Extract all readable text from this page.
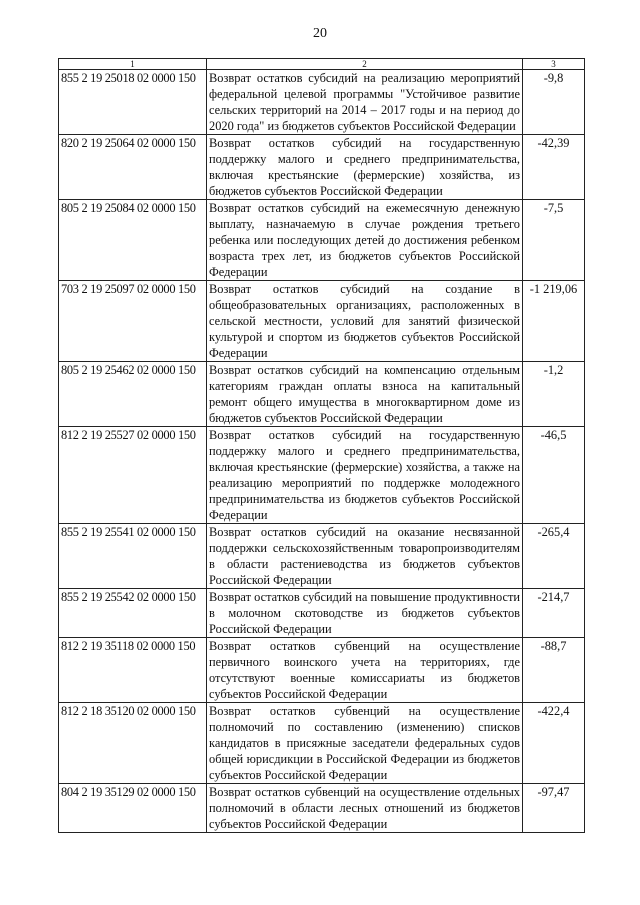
20
1	2	3
855 2 19 25018 02 0000 150	Возврат остатков субсидий на реализацию мероприятий федеральной целевой программы "Устойчивое развитие сельских территорий на 2014 – 2017 годы и на период до 2020 года" из бюджетов субъектов Российской Федерации	-9,8
820 2 19 25064 02 0000 150	Возврат остатков субсидий на государственную поддержку малого и среднего предпринимательства, включая крестьянские (фермерские) хозяйства, из бюджетов субъектов Российской Федерации	-42,39
805 2 19 25084 02 0000 150	Возврат остатков субсидий на ежемесячную денежную выплату, назначаемую в случае рождения третьего ребенка или последующих детей до достижения ребенком возраста трех лет, из бюджетов субъектов Российской Федерации	-7,5
703 2 19 25097 02 0000 150	Возврат остатков субсидий на создание в общеобразовательных организациях, расположенных в сельской местности, условий для занятий физической культурой и спортом из бюджетов субъектов Российской Федерации	-1 219,06
805 2 19 25462 02 0000 150	Возврат остатков субсидий на компенсацию отдельным категориям граждан оплаты взноса на капитальный ремонт общего имущества в многоквартирном доме из бюджетов субъектов Российской Федерации	-1,2
812 2 19 25527 02 0000 150	Возврат остатков субсидий на государственную поддержку малого и среднего предпринимательства, включая крестьянские (фермерские) хозяйства, а также на реализацию мероприятий по поддержке молодежного предпринимательства из бюджетов субъектов Российской Федерации	-46,5
855 2 19 25541 02 0000 150	Возврат остатков субсидий на оказание несвязанной поддержки сельскохозяйственным товаропроизводителям в области растениеводства из бюджетов субъектов Российской Федерации	-265,4
855 2 19 25542 02 0000 150	Возврат остатков субсидий на повышение продуктивности в молочном скотоводстве из бюджетов субъектов Российской Федерации	-214,7
812 2 19 35118 02 0000 150	Возврат остатков субвенций на осуществление первичного воинского учета на территориях, где отсутствуют военные комиссариаты из бюджетов субъектов Российской Федерации	-88,7
812 2 18 35120 02 0000 150	Возврат остатков субвенций на осуществление полномочий по составлению (изменению) списков кандидатов в присяжные заседатели федеральных судов общей юрисдикции в Российской Федерации из бюджетов субъектов Российской Федерации	-422,4
804 2 19 35129 02 0000 150	Возврат остатков субвенций на осуществление отдельных полномочий в области лесных отношений из бюджетов субъектов Российской Федерации	-97,47
